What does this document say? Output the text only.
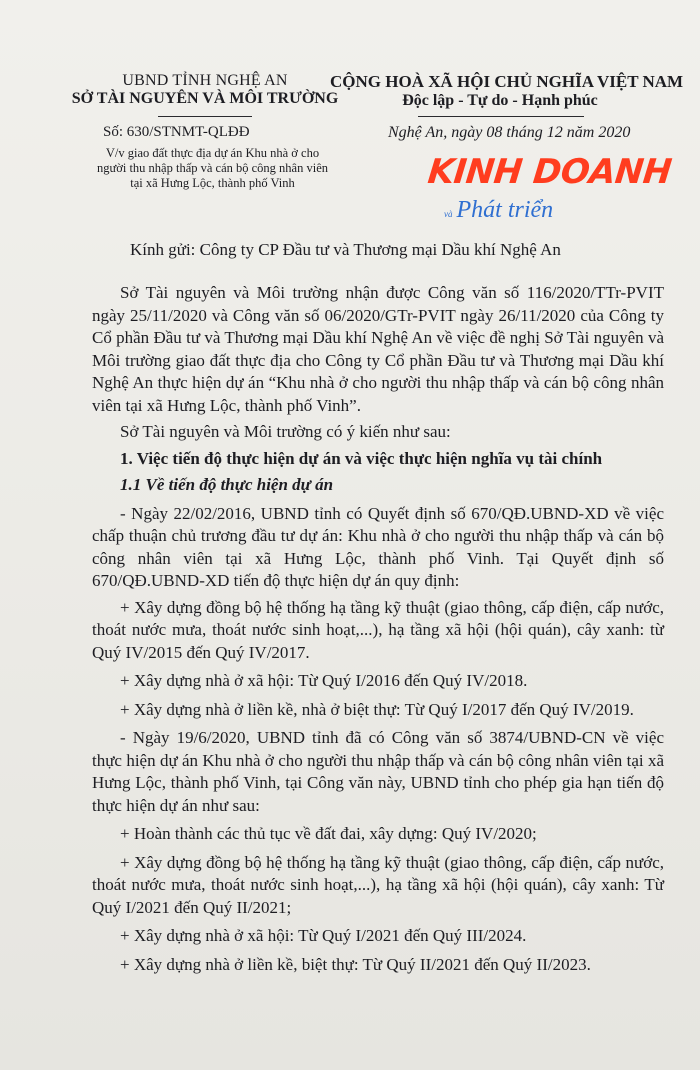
UBND TỈNH NGHỆ AN
SỞ TÀI NGUYÊN VÀ MÔI TRƯỜNG
CỘNG HOÀ XÃ HỘI CHỦ NGHĨA VIỆT NAM
Độc lập - Tự do - Hạnh phúc
Số: 630/STNMT-QLĐĐ	Nghệ An, ngày 08 tháng 12 năm 2020
V/v giao đất thực địa dự án Khu nhà ở cho người thu nhập thấp và cán bộ công nhân viên tại xã Hưng Lộc, thành phố Vinh	KINH DOANH
và Phát triển
Kính gửi: Công ty CP Đầu tư và Thương mại Dầu khí Nghệ An

Sở Tài nguyên và Môi trường nhận được Công văn số 116/2020/TTr-PVIT ngày 25/11/2020 và Công văn số 06/2020/GTr-PVIT ngày 26/11/2020 của Công ty Cổ phần Đầu tư và Thương mại Dầu khí Nghệ An về việc đề nghị Sở Tài nguyên và Môi trường giao đất thực địa cho Công ty Cổ phần Đầu tư và Thương mại Dầu khí Nghệ An thực hiện dự án “Khu nhà ở cho người thu nhập thấp và cán bộ công nhân viên tại xã Hưng Lộc, thành phố Vinh”.

Sở Tài nguyên và Môi trường có ý kiến như sau:

1. Việc tiến độ thực hiện dự án và việc thực hiện nghĩa vụ tài chính

1.1 Về tiến độ thực hiện dự án

- Ngày 22/02/2016, UBND tỉnh có Quyết định số 670/QĐ.UBND-XD về việc chấp thuận chủ trương đầu tư dự án: Khu nhà ở cho người thu nhập thấp và cán bộ công nhân viên tại xã Hưng Lộc, thành phố Vinh. Tại Quyết định số 670/QĐ.UBND-XD tiến độ thực hiện dự án quy định:

+ Xây dựng đồng bộ hệ thống hạ tầng kỹ thuật (giao thông, cấp điện, cấp nước, thoát nước mưa, thoát nước sinh hoạt,...), hạ tầng xã hội (hội quán), cây xanh: từ Quý IV/2015 đến Quý IV/2017.

+ Xây dựng nhà ở xã hội: Từ Quý I/2016 đến Quý IV/2018.

+ Xây dựng nhà ở liền kề, nhà ở biệt thự: Từ Quý I/2017 đến Quý IV/2019.

- Ngày 19/6/2020, UBND tỉnh đã có Công văn số 3874/UBND-CN về việc thực hiện dự án Khu nhà ở cho người thu nhập thấp và cán bộ công nhân viên tại xã Hưng Lộc, thành phố Vinh, tại Công văn này, UBND tỉnh cho phép gia hạn tiến độ thực hiện dự án như sau:

+ Hoàn thành các thủ tục về đất đai, xây dựng: Quý IV/2020;

+ Xây dựng đồng bộ hệ thống hạ tầng kỹ thuật (giao thông, cấp điện, cấp nước, thoát nước mưa, thoát nước sinh hoạt,...), hạ tầng xã hội (hội quán), cây xanh: Từ Quý I/2021 đến Quý II/2021;

+ Xây dựng nhà ở xã hội: Từ Quý I/2021 đến Quý III/2024.

+ Xây dựng nhà ở liền kề, biệt thự: Từ Quý II/2021 đến Quý II/2023.
